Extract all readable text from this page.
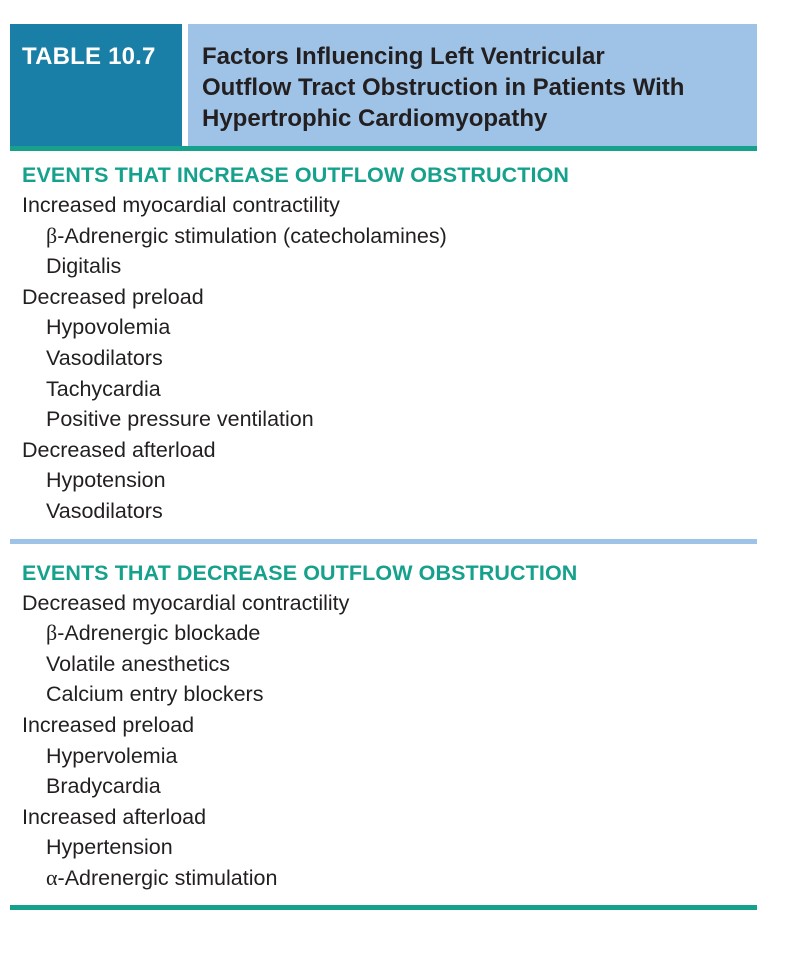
TABLE 10.7	Factors Influencing Left Ventricular
Outflow Tract Obstruction in Patients With
Hypertrophic Cardiomyopathy
EVENTS THAT INCREASE OUTFLOW OBSTRUCTION
Increased myocardial contractility
β-Adrenergic stimulation (catecholamines)
Digitalis
Decreased preload
Hypovolemia
Vasodilators
Tachycardia
Positive pressure ventilation
Decreased afterload
Hypotension
Vasodilators
EVENTS THAT DECREASE OUTFLOW OBSTRUCTION
Decreased myocardial contractility
β-Adrenergic blockade
Volatile anesthetics
Calcium entry blockers
Increased preload
Hypervolemia
Bradycardia
Increased afterload
Hypertension
α-Adrenergic stimulation
